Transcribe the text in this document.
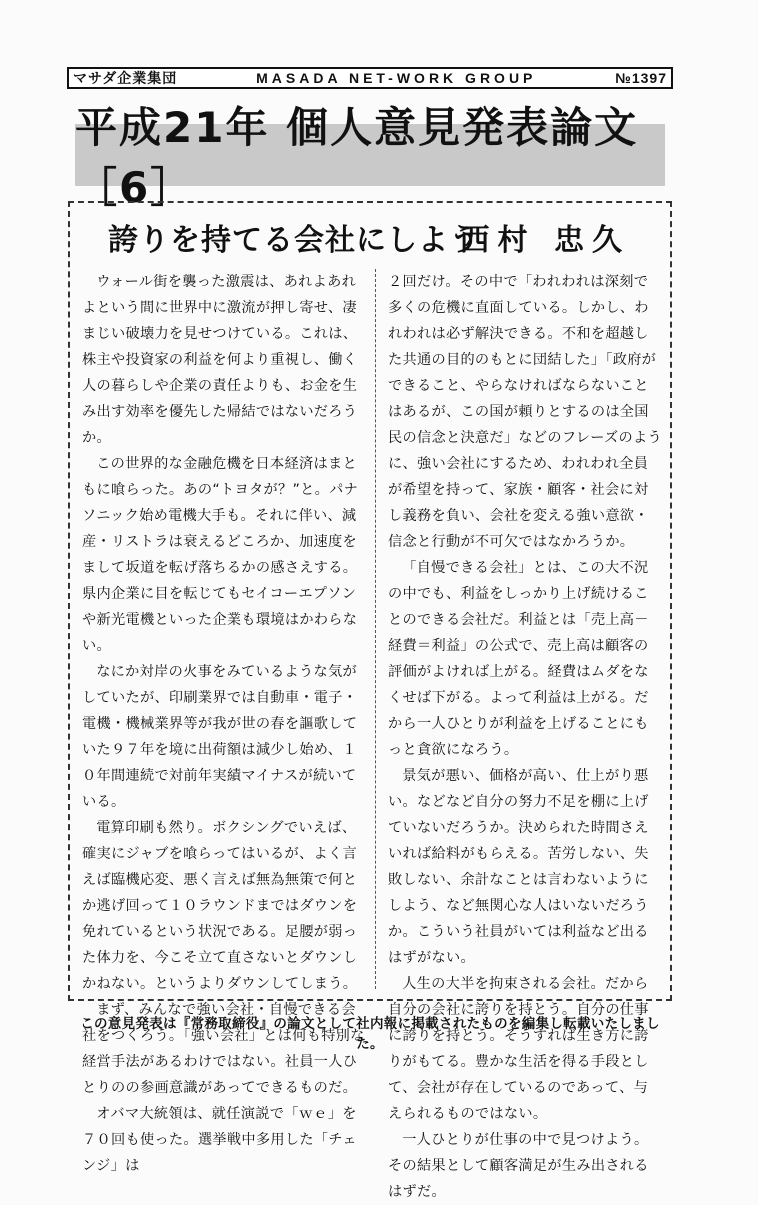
マサダ企業集団	MASADA NET-WORK GROUP	№1397
平成21年 個人意見発表論文［6］
誇りを持てる会社にしよう
西村 忠久

ウォール街を襲った激震は、あれよあれよという間に世界中に激流が押し寄せ、凄まじい破壊力を見せつけている。これは、株主や投資家の利益を何より重視し、働く人の暮らしや企業の責任よりも、お金を生み出す効率を優先した帰結ではないだろうか。

この世界的な金融危機を日本経済はまともに喰らった。あの“トヨタが？”と。パナソニック始め電機大手も。それに伴い、減産・リストラは衰えるどころか、加速度をまして坂道を転げ落ちるかの感さえする。県内企業に目を転じてもセイコーエプソンや新光電機といった企業も環境はかわらない。

なにか対岸の火事をみているような気がしていたが、印刷業界では自動車・電子・電機・機械業界等が我が世の春を謳歌していた９７年を境に出荷額は減少し始め、１０年間連続で対前年実績マイナスが続いている。

電算印刷も然り。ボクシングでいえば、確実にジャブを喰らってはいるが、よく言えば臨機応変、悪く言えば無為無策で何とか逃げ回って１０ラウンドまではダウンを免れているという状況である。足腰が弱った体力を、今こそ立て直さないとダウンしかねない。というよりダウンしてしまう。

まず、みんなで強い会社・自慢できる会社をつくろう。「強い会社」とは何も特別な経営手法があるわけではない。社員一人ひとりのの参画意識があってできるものだ。

オバマ大統領は、就任演説で「ｗｅ」を７０回も使った。選挙戦中多用した「チェンジ」は

２回だけ。その中で「われわれは深刻で多くの危機に直面している。しかし、われわれは必ず解決できる。不和を超越した共通の目的のもとに団結した」「政府ができること、やらなければならないことはあるが、この国が頼りとするのは全国民の信念と決意だ」などのフレーズのように、強い会社にするため、われわれ全員が希望を持って、家族・顧客・社会に対し義務を負い、会社を変える強い意欲・信念と行動が不可欠ではなかろうか。

「自慢できる会社」とは、この大不況の中でも、利益をしっかり上げ続けることのできる会社だ。利益とは「売上高－経費＝利益」の公式で、売上高は顧客の評価がよければ上がる。経費はムダをなくせば下がる。よって利益は上がる。だから一人ひとりが利益を上げることにもっと貪欲になろう。

景気が悪い、価格が高い、仕上がり悪い。などなど自分の努力不足を棚に上げていないだろうか。決められた時間さえいれば給料がもらえる。苦労しない、失敗しない、余計なことは言わないようにしよう、など無関心な人はいないだろうか。こういう社員がいては利益など出るはずがない。

人生の大半を拘束される会社。だから自分の会社に誇りを持とう。自分の仕事に誇りを持とう。そうすれば生き方に誇りがもてる。豊かな生活を得る手段として、会社が存在しているのであって、与えられるものではない。

一人ひとりが仕事の中で見つけよう。その結果として顧客満足が生み出されるはずだ。

この意見発表は『常務取締役』の論文として社内報に掲載されたものを編集し転載いたしました。
